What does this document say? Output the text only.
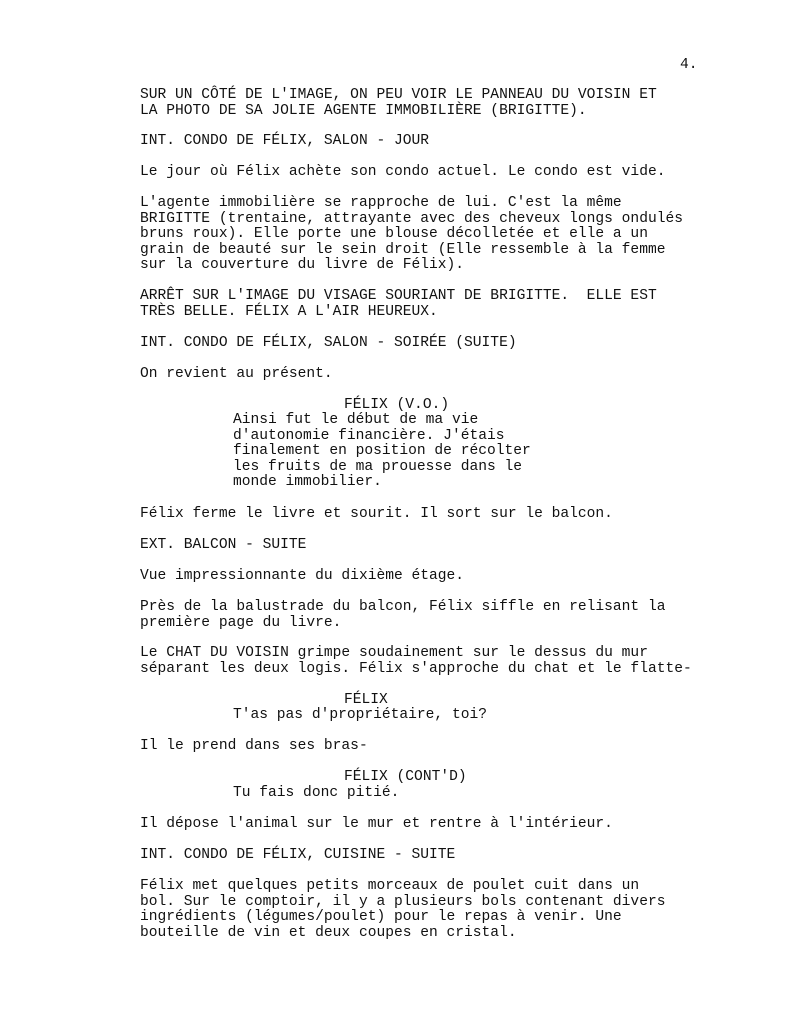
4.
SUR UN CÔTÉ DE L'IMAGE, ON PEU VOIR LE PANNEAU DU VOISIN ET
LA PHOTO DE SA JOLIE AGENTE IMMOBILIÈRE (BRIGITTE).
INT. CONDO DE FÉLIX, SALON - JOUR
Le jour où Félix achète son condo actuel. Le condo est vide.
L'agente immobilière se rapproche de lui. C'est la même
BRIGITTE (trentaine, attrayante avec des cheveux longs ondulés
bruns roux). Elle porte une blouse décolletée et elle a un
grain de beauté sur le sein droit (Elle ressemble à la femme
sur la couverture du livre de Félix).
ARRÊT SUR L'IMAGE DU VISAGE SOURIANT DE BRIGITTE.  ELLE EST
TRÈS BELLE. FÉLIX A L'AIR HEUREUX.
INT. CONDO DE FÉLIX, SALON - SOIRÉE (SUITE)
On revient au présent.
FÉLIX (V.O.)
Ainsi fut le début de ma vie
d'autonomie financière. J'étais
finalement en position de récolter
les fruits de ma prouesse dans le
monde immobilier.
Félix ferme le livre et sourit. Il sort sur le balcon.
EXT. BALCON - SUITE
Vue impressionnante du dixième étage.
Près de la balustrade du balcon, Félix siffle en relisant la
première page du livre.
Le CHAT DU VOISIN grimpe soudainement sur le dessus du mur
séparant les deux logis. Félix s'approche du chat et le flatte-
FÉLIX
T'as pas d'propriétaire, toi?
Il le prend dans ses bras-
FÉLIX (CONT'D)
Tu fais donc pitié.
Il dépose l'animal sur le mur et rentre à l'intérieur.
INT. CONDO DE FÉLIX, CUISINE - SUITE
Félix met quelques petits morceaux de poulet cuit dans un
bol. Sur le comptoir, il y a plusieurs bols contenant divers
ingrédients (légumes/poulet) pour le repas à venir. Une
bouteille de vin et deux coupes en cristal.
